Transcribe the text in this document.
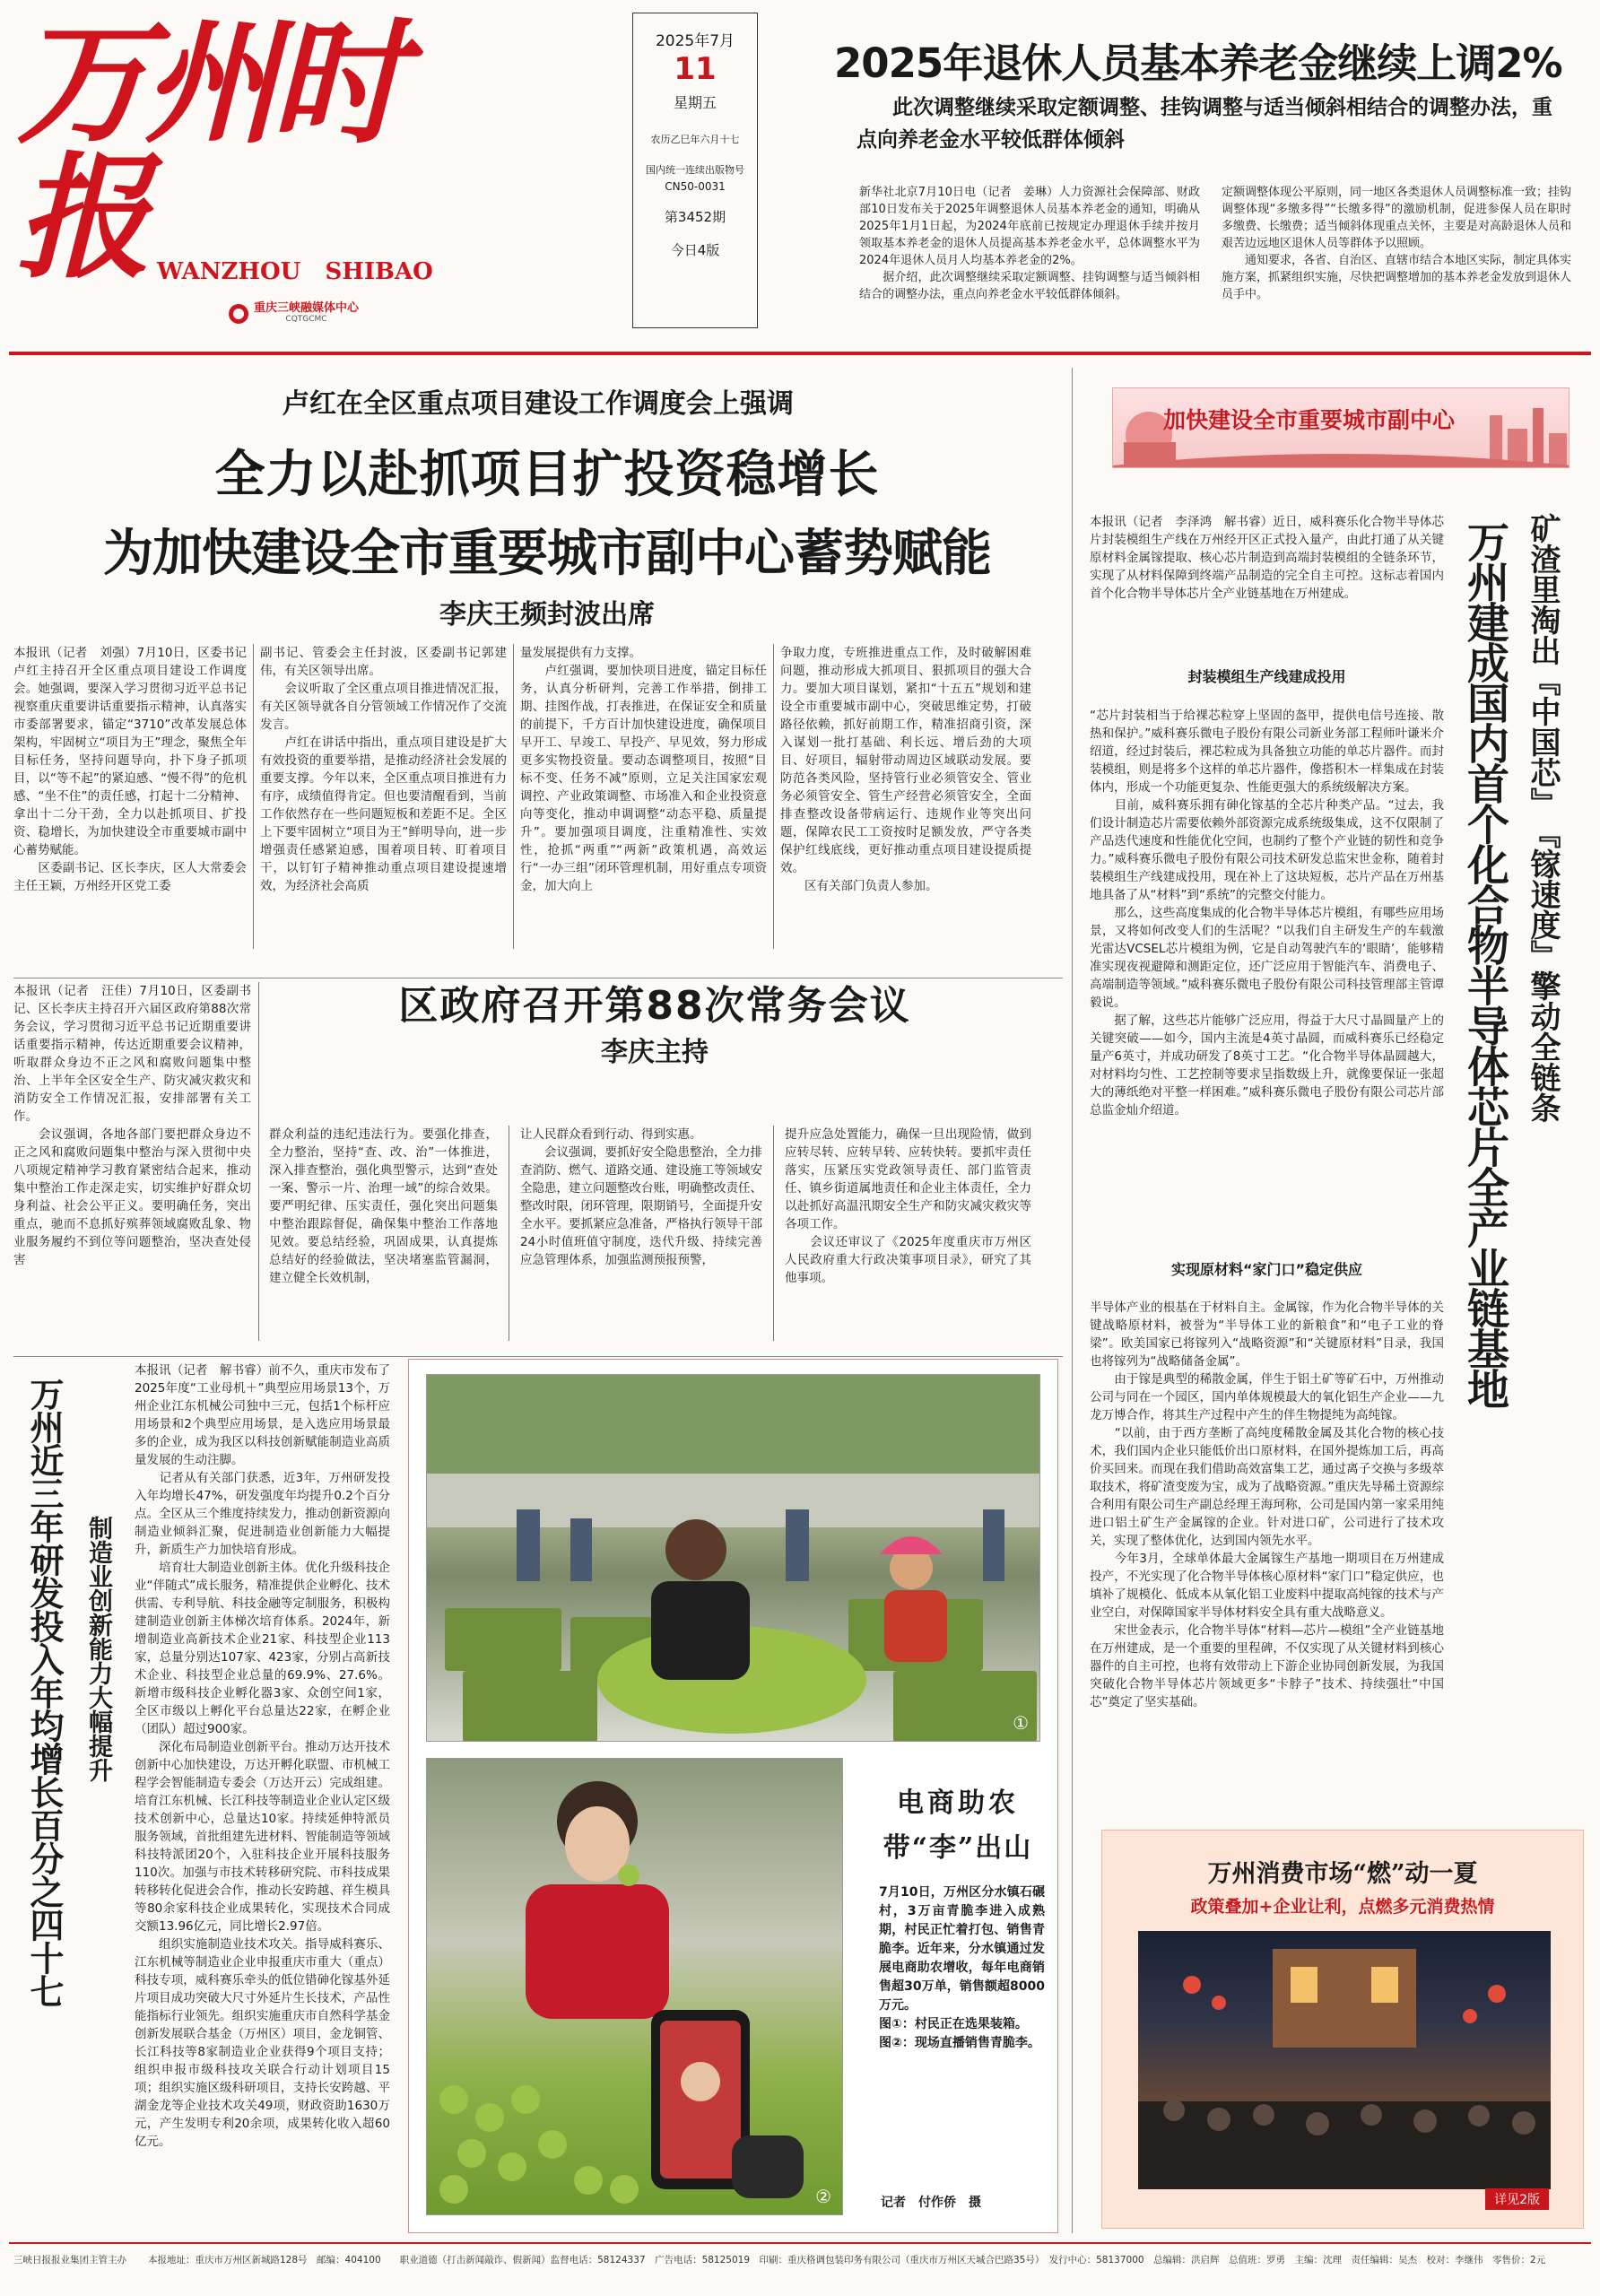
万州时报 WANZHOU   SHIBAO
重庆三峡融媒体中心
CQTGCMC
2025年7月
11
星期五
农历乙巳年六月十七
国内统一连续出版物号
CN50-0031
第3452期
今日4版
2025年退休人员基本养老金继续上调2%
此次调整继续采取定额调整、挂钩调整与适当倾斜相结合的调整办法，重点向养老金水平较低群体倾斜
新华社北京7月10日电（记者　姜琳）人力资源社会保障部、财政部10日发布关于2025年调整退休人员基本养老金的通知，明确从2025年1月1日起，为2024年底前已按规定办理退休手续并按月领取基本养老金的退休人员提高基本养老金水平，总体调整水平为2024年退休人员月人均基本养老金的2%。
　　据介绍，此次调整继续采取定额调整、挂钩调整与适当倾斜相结合的调整办法，重点向养老金水平较低群体倾斜。
定额调整体现公平原则，同一地区各类退休人员调整标准一致；挂钩调整体现“多缴多得”“长缴多得”的激励机制，促进参保人员在职时多缴费、长缴费；适当倾斜体现重点关怀，主要是对高龄退休人员和艰苦边远地区退休人员等群体予以照顾。
　　通知要求，各省、自治区、直辖市结合本地区实际，制定具体实施方案，抓紧组织实施，尽快把调整增加的基本养老金发放到退休人员手中。
卢红在全区重点项目建设工作调度会上强调
全力以赴抓项目扩投资稳增长
为加快建设全市重要城市副中心蓄势赋能
李庆王频封波出席
本报讯（记者　刘强）7月10日，区委书记卢红主持召开全区重点项目建设工作调度会。她强调，要深入学习贯彻习近平总书记视察重庆重要讲话重要指示精神，认真落实市委部署要求，锚定“3710”改革发展总体架构，牢固树立“项目为王”理念，聚焦全年目标任务，坚持问题导向，扑下身子抓项目，以“等不起”的紧迫感、“慢不得”的危机感、“坐不住”的责任感，打起十二分精神、拿出十二分干劲，全力以赴抓项目、扩投资、稳增长，为加快建设全市重要城市副中心蓄势赋能。
　　区委副书记、区长李庆，区人大常委会主任王颖，万州经开区党工委
副书记、管委会主任封波，区委副书记郭建伟，有关区领导出席。
　　会议听取了全区重点项目推进情况汇报，有关区领导就各自分管领域工作情况作了交流发言。
　　卢红在讲话中指出，重点项目建设是扩大有效投资的重要举措，是推动经济社会发展的重要支撑。今年以来，全区重点项目推进有力有序，成绩值得肯定。但也要清醒看到，当前工作依然存在一些问题短板和差距不足。全区上下要牢固树立“项目为王”鲜明导向，进一步增强责任感紧迫感，围着项目转、盯着项目干，以钉钉子精神推动重点项目建设提速增效，为经济社会高质
量发展提供有力支撑。
　　卢红强调，要加快项目进度，锚定目标任务，认真分析研判，完善工作举措，倒排工期、挂图作战，打表推进，在保证安全和质量的前提下，千方百计加快建设进度，确保项目早开工、早竣工、早投产、早见效，努力形成更多实物投资量。要动态调整项目，按照“目标不变、任务不减”原则，立足关注国家宏观调控、产业政策调整、市场准入和企业投资意向等变化，推动申调调整“动态平稳、质量提升”。要加强项目调度，注重精准性、实效性，抢抓“两重”“两新”政策机遇，高效运行“一办三组”闭环管理机制，用好重点专项资金，加大向上
争取力度，专班推进重点工作，及时破解困难问题，推动形成大抓项目、狠抓项目的强大合力。要加大项目谋划，紧扣“十五五”规划和建设全市重要城市副中心，突破思维定势，打破路径依赖，抓好前期工作，精准招商引资，深入谋划一批打基础、利长远、增后劲的大项目、好项目，辐射带动周边区域联动发展。要防范各类风险，坚持管行业必须管安全、管业务必须管安全、管生产经营必须管安全，全面排查整改设备带病运行、违规作业等突出问题，保障农民工工资按时足额发放，严守各类保护红线底线，更好推动重点项目建设提质提效。
　　区有关部门负责人参加。
加快建设全市重要城市副中心
本报讯（记者　李泽鸿　解书睿）近日，威科赛乐化合物半导体芯片封装模组生产线在万州经开区正式投入量产，由此打通了从关键原材料金属镓提取、核心芯片制造到高端封装模组的全链条环节，实现了从材料保障到终端产品制造的完全自主可控。这标志着国内首个化合物半导体芯片全产业链基地在万州建成。	矿渣里淘出『中国芯』　『镓速度』擎动全链条
万州建成国内首个化合物半导体芯片全产业链基地
封装模组生产线建成投用
“芯片封装相当于给裸芯粒穿上坚固的盔甲，提供电信号连接、散热和保护。”威科赛乐微电子股份有限公司新业务部工程师叶谦米介绍道，经过封装后，裸芯粒成为具备独立功能的单芯片器件。而封装模组，则是将多个这样的单芯片器件，像搭积木一样集成在封装体内，形成一个功能更复杂、性能更强大的系统级解决方案。
　　目前，威科赛乐拥有砷化镓基的全芯片种类产品。“过去，我们设计制造芯片需要依赖外部资源完成系统级集成，这不仅限制了产品迭代速度和性能优化空间，也制约了整个产业链的韧性和竞争力。”威科赛乐微电子股份有限公司技术研发总监宋世金称，随着封装模组生产线建成投用，现在补上了这块短板，芯片产品在万州基地具备了从“材料”到“系统”的完整交付能力。
　　那么，这些高度集成的化合物半导体芯片模组，有哪些应用场景，又将如何改变人们的生活呢？“以我们自主研发生产的车载激光雷达VCSEL芯片模组为例，它是自动驾驶汽车的‘眼睛’，能够精准实现夜视避障和测距定位，还广泛应用于智能汽车、消费电子、高端制造等领域。”威科赛乐微电子股份有限公司科技管理部主管谭毅说。
　　据了解，这些芯片能够广泛应用，得益于大尺寸晶圆量产上的关键突破——如今，国内主流是4英寸晶圆，而威科赛乐已经稳定量产6英寸，并成功研发了8英寸工艺。“化合物半导体晶圆越大，对材料均匀性、工艺控制等要求呈指数级上升，就像要保证一张超大的薄纸绝对平整一样困难。”威科赛乐微电子股份有限公司芯片部总监金灿介绍道。
实现原材料“家门口”稳定供应
半导体产业的根基在于材料自主。金属镓，作为化合物半导体的关键战略原材料，被誉为“半导体工业的新粮食”和“电子工业的脊梁”。欧美国家已将镓列入“战略资源”和“关键原材料”目录，我国也将镓列为“战略储备金属”。
　　由于镓是典型的稀散金属，伴生于铝土矿等矿石中，万州推动公司与同在一个园区，国内单体规模最大的氧化铝生产企业——九龙万博合作，将其生产过程中产生的伴生物提纯为高纯镓。
　　“以前，由于西方垄断了高纯度稀散金属及其化合物的核心技术，我们国内企业只能低价出口原材料，在国外提炼加工后，再高价买回来。而现在我们借助高效富集工艺，通过离子交换与多级萃取技术，将矿渣变废为宝，成为了战略资源。”重庆先导稀土资源综合利用有限公司生产副总经理王海珂称，公司是国内第一家采用纯进口铝土矿生产金属镓的企业。针对进口矿，公司进行了技术攻关，实现了整体优化，达到国内领先水平。
　　今年3月，全球单体最大金属镓生产基地一期项目在万州建成投产，不光实现了化合物半导体核心原材料“家门口”稳定供应，也填补了规模化、低成本从氧化铝工业废料中提取高纯镓的技术与产业空白，对保障国家半导体材料安全具有重大战略意义。
　　宋世金表示，化合物半导体“材料—芯片—模组”全产业链基地在万州建成，是一个重要的里程碑，不仅实现了从关键材料到核心器件的自主可控，也将有效带动上下游企业协同创新发展，为我国突破化合物半导体芯片领域更多“卡脖子”技术、持续强壮“中国芯”奠定了坚实基础。
万州消费市场“燃”动一夏
政策叠加+企业让利，点燃多元消费热情
详见2版
区政府召开第88次常务会议
李庆主持
本报讯（记者　汪佳）7月10日，区委副书记、区长李庆主持召开六届区政府第88次常务会议，学习贯彻习近平总书记近期重要讲话重要指示精神，传达近期重要会议精神，听取群众身边不正之风和腐败问题集中整治、上半年全区安全生产、防灾减灾救灾和消防安全工作情况汇报，安排部署有关工作。
　　会议强调，各地各部门要把群众身边不正之风和腐败问题集中整治与深入贯彻中央八项规定精神学习教育紧密结合起来，推动集中整治工作走深走实，切实维护好群众切身利益、社会公平正义。要明确任务，突出重点，驰而不息抓好殡葬领域腐败乱象、物业服务履约不到位等问题整治，坚决查处侵害
群众利益的违纪违法行为。要强化排查，全力整治，坚持“查、改、治”一体推进，深入排查整治，强化典型警示，达到“查处一案、警示一片、治理一域”的综合效果。要严明纪律、压实责任，强化突出问题集中整治跟踪督促，确保集中整治工作落地见效。要总结经验，巩固成果，认真提炼总结好的经验做法，坚决堵塞监管漏洞，建立健全长效机制，
让人民群众看到行动、得到实惠。
　　会议强调，要抓好安全隐患整治，全力排查消防、燃气、道路交通、建设施工等领域安全隐患，建立问题整改台账，明确整改责任、整改时限，闭环管理，限期销号，全面提升安全水平。要抓紧应急准备，严格执行领导干部24小时值班值守制度，迭代升级、持续完善应急管理体系，加强监测预报预警，
提升应急处置能力，确保一旦出现险情，做到应转尽转、应转早转、应转快转。要抓牢责任落实，压紧压实党政领导责任、部门监管责任、镇乡街道属地责任和企业主体责任，全力以赴抓好高温汛期安全生产和防灾减灾救灾等各项工作。
　　会议还审议了《2025年度重庆市万州区人民政府重大行政决策事项目录》，研究了其他事项。
万州近三年研发投入年均增长百分之四十七 制造业创新能力大幅提升
本报讯（记者　解书睿）前不久，重庆市发布了2025年度“工业母机＋”典型应用场景13个，万州企业江东机械公司独中三元，包括1个标杆应用场景和2个典型应用场景，是入选应用场景最多的企业，成为我区以科技创新赋能制造业高质量发展的生动注脚。
　　记者从有关部门获悉，近3年，万州研发投入年均增长47%，研发强度年均提升0.2个百分点。全区从三个维度持续发力，推动创新资源向制造业倾斜汇聚，促进制造业创新能力大幅提升，新质生产力加快培育形成。
　　培育壮大制造业创新主体。优化升级科技企业“伴随式”成长服务，精准提供企业孵化、技术供需、专利导航、科技金融等定制服务，积极构建制造业创新主体梯次培育体系。2024年，新增制造业高新技术企业21家、科技型企业113家，总量分别达107家、423家，分别占高新技术企业、科技型企业总量的69.9%、27.6%。新增市级科技企业孵化器3家、众创空间1家，全区市级以上孵化平台总量达22家，在孵企业（团队）超过900家。
　　深化布局制造业创新平台。推动万达开技术创新中心加快建设，万达开孵化联盟、市机械工程学会智能制造专委会（万达开云）完成组建。培育江东机械、长江科技等制造业企业认定区级技术创新中心，总量达10家。持续延伸特派员服务领域，首批组建先进材料、智能制造等领域科技特派团20个，入驻科技企业开展科技服务110次。加强与市技术转移研究院、市科技成果转移转化促进会合作，推动长安跨越、祥生模具等80余家科技企业成果转化，实现技术合同成交额13.96亿元，同比增长2.97倍。
　　组织实施制造业技术攻关。指导威科赛乐、江东机械等制造业企业申报重庆市重大（重点）科技专项，威科赛乐牵头的低位错砷化镓基外延片项目成功突破大尺寸外延片生长技术，产品性能指标行业领先。组织实施重庆市自然科学基金创新发展联合基金（万州区）项目，金龙铜管、长江科技等8家制造业企业获得9个项目支持；组织申报市级科技攻关联合行动计划项目15项；组织实施区级科研项目，支持长安跨越、平湖金龙等企业技术攻关49项，财政资助1630万元，产生发明专利20余项，成果转化收入超60亿元。
①
②
电商助农
带“李”出山
7月10日，万州区分水镇石碾村，3万亩青脆李进入成熟期，村民正忙着打包、销售青脆李。近年来，分水镇通过发展电商助农增收，每年电商销售超30万单，销售额超8000万元。
图①：村民正在选果装箱。
图②：现场直播销售青脆李。
记者　付作侨　摄
三峡日报报业集团主管主办 本报地址：重庆市万州区新城路128号　邮编：404100　　职业道德（打击新闻敲诈、假新闻）监督电话：58124337　广告电话：58125019　印刷：重庆格调包装印务有限公司（重庆市万州区天城合巴路35号）　发行中心：58137000　总编辑：洪启辉　总值班：罗勇　主编：沈理　责任编辑：吴杰　校对：李继伟　零售价：2元
